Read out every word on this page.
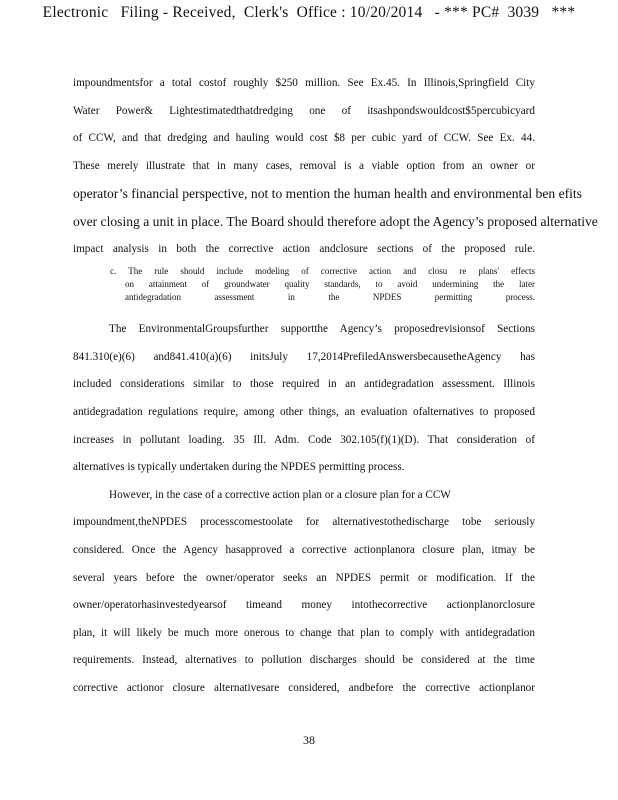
Electronic   Filing - Received,  Clerk's  Office : 10/20/2014   - *** PC#  3039   ***
impoundmentsfor a total costof roughly $250 million. See Ex.45. In Illinois,Springfield City
Water Power& Lightestimatedthatdredging one of itsashpondswouldcost$5percubicyard
of CCW, and that dredging and hauling would cost $8 per cubic yard of CCW. See Ex. 44.
These merely illustrate that in many cases, removal is a viable option from an owner or
operator’s financial perspective, not to mention the human health and environmental ben efits
over closing a unit in place. The Board should therefore adopt the Agency’s proposed alternative
impact analysis in both the corrective action andclosure sections of the proposed rule.
c. The rule should include modeling of corrective action and closu re plans' effects
on attainment of groundwater quality standards, to avoid undermining the later
antidegradation assessment in the NPDES permitting process.
The EnvironmentalGroupsfurther supportthe Agency’s proposedrevisionsof Sections
841.310(e)(6) and841.410(a)(6) initsJuly 17,2014PrefiledAnswersbecausetheAgency has
included considerations similar to those required in an antidegradation assessment. Illinois
antidegradation regulations require, among other things, an evaluation ofalternatives to proposed
increases in pollutant loading. 35 Ill. Adm. Code 302.105(f)(1)(D). That consideration of
alternatives is typically undertaken during the NPDES permitting process.
However, in the case of a corrective action plan or a closure plan for a CCW
impoundment,theNPDES processcomestoolate for alternativestothedischarge tobe seriously
considered. Once the Agency hasapproved a corrective actionplanora closure plan, itmay be
several years before the owner/operator seeks an NPDES permit or modification. If the
owner/operatorhasinvestedyearsof timeand money intothecorrective actionplanorclosure
plan, it will likely be much more onerous to change that plan to comply with antidegradation
requirements. Instead, alternatives to pollution discharges should be considered at the time
corrective actionor closure alternativesare considered, andbefore the corrective actionplanor
38
